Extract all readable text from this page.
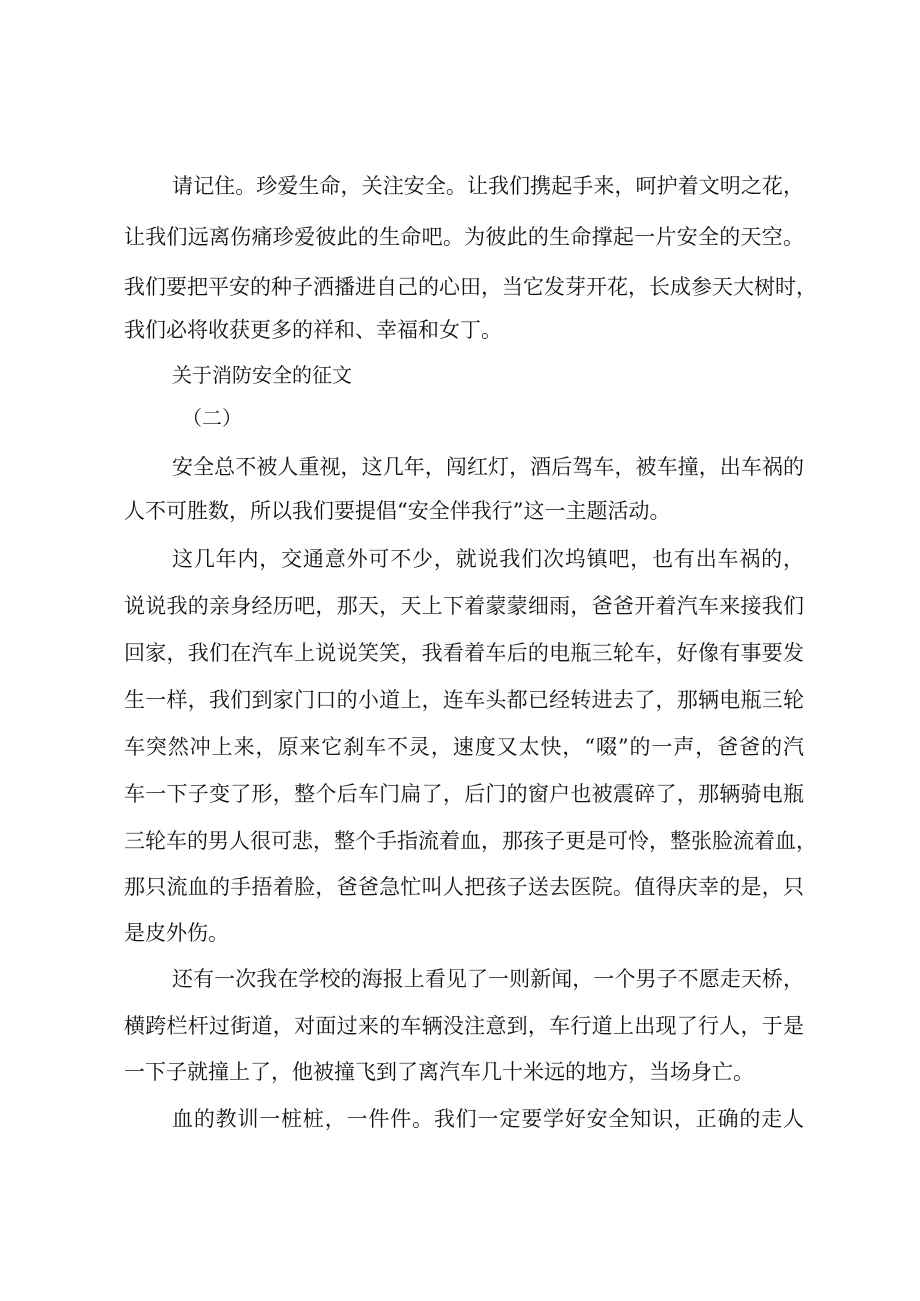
请记住。珍爱生命，关注安全。让我们携起手来，呵护着文明之花，
让我们远离伤痛珍爱彼此的生命吧。为彼此的生命撑起一片安全的天空。
我们要把平安的种子洒播进自己的心田，当它发芽开花，长成参天大树时，
我们必将收获更多的祥和、幸福和女丁。
关于消防安全的征文
（二）
安全总不被人重视，这几年，闯红灯，酒后驾车，被车撞，出车祸的
人不可胜数，所以我们要提倡“安全伴我行”这一主题活动。
这几年内，交通意外可不少，就说我们次坞镇吧，也有出车祸的，
说说我的亲身经历吧，那天，天上下着蒙蒙细雨，爸爸开着汽车来接我们
回家，我们在汽车上说说笑笑，我看着车后的电瓶三轮车，好像有事要发
生一样，我们到家门口的小道上，连车头都已经转进去了，那辆电瓶三轮
车突然冲上来，原来它刹车不灵，速度又太快，“啜”的一声，爸爸的汽
车一下子变了形，整个后车门扁了，后门的窗户也被震碎了，那辆骑电瓶
三轮车的男人很可悲，整个手指流着血，那孩子更是可怜，整张脸流着血，
那只流血的手捂着脸，爸爸急忙叫人把孩子送去医院。值得庆幸的是，只
是皮外伤。
还有一次我在学校的海报上看见了一则新闻，一个男子不愿走天桥，
横跨栏杆过街道，对面过来的车辆没注意到，车行道上出现了行人，于是
一下子就撞上了，他被撞飞到了离汽车几十米远的地方，当场身亡。
血的教训一桩桩，一件件。我们一定要学好安全知识，正确的走人
